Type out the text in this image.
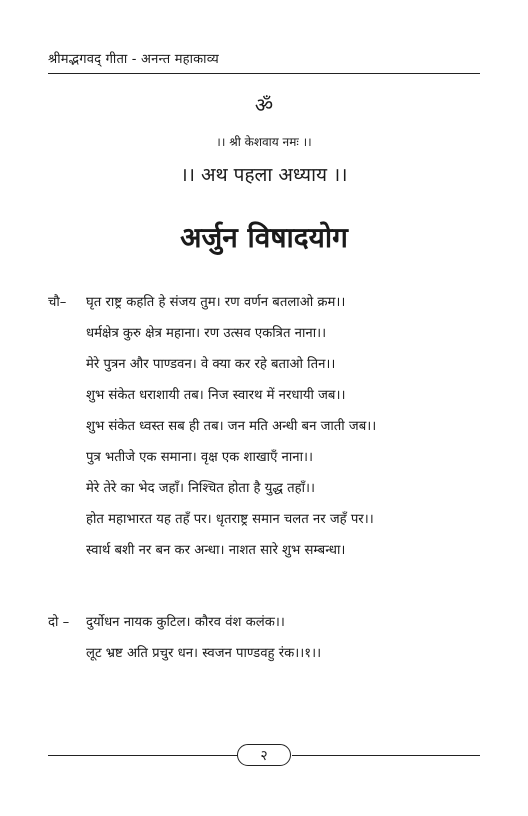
श्रीमद्भगवद् गीता - अनन्त महाकाव्य
ॐ
।। श्री केशवाय नमः ।।
।। अथ पहला अध्याय ।।
अर्जुन विषादयोग
चौ– घृत राष्ट्र कहति हे संजय तुम। रण वर्णन बतलाओ क्रम।।
धर्मक्षेत्र कुरु क्षेत्र महाना। रण उत्सव एकत्रित नाना।।
मेरे पुत्रन और पाण्डवन। वे क्या कर रहे बताओ तिन।।
शुभ संकेत धराशायी तब। निज स्वारथ में नरधायी जब।।
शुभ संकेत ध्वस्त सब ही तब। जन मति अन्धी बन जाती जब।।
पुत्र भतीजे एक समाना। वृक्ष एक शाखाएँ नाना।।
मेरे तेरे का भेद जहाँ। निश्चित होता है युद्ध तहाँ।।
होत महाभारत यह तहँ पर। धृतराष्ट्र समान चलत नर जहँ पर।।
स्वार्थ बशी नर बन कर अन्धा। नाशत सारे शुभ सम्बन्धा।
दो – दुर्योधन नायक कुटिल। कौरव वंश कलंक।।
लूट भ्रष्ट अति प्रचुर धन। स्वजन पाण्डवहु रंक।।१।।
२
